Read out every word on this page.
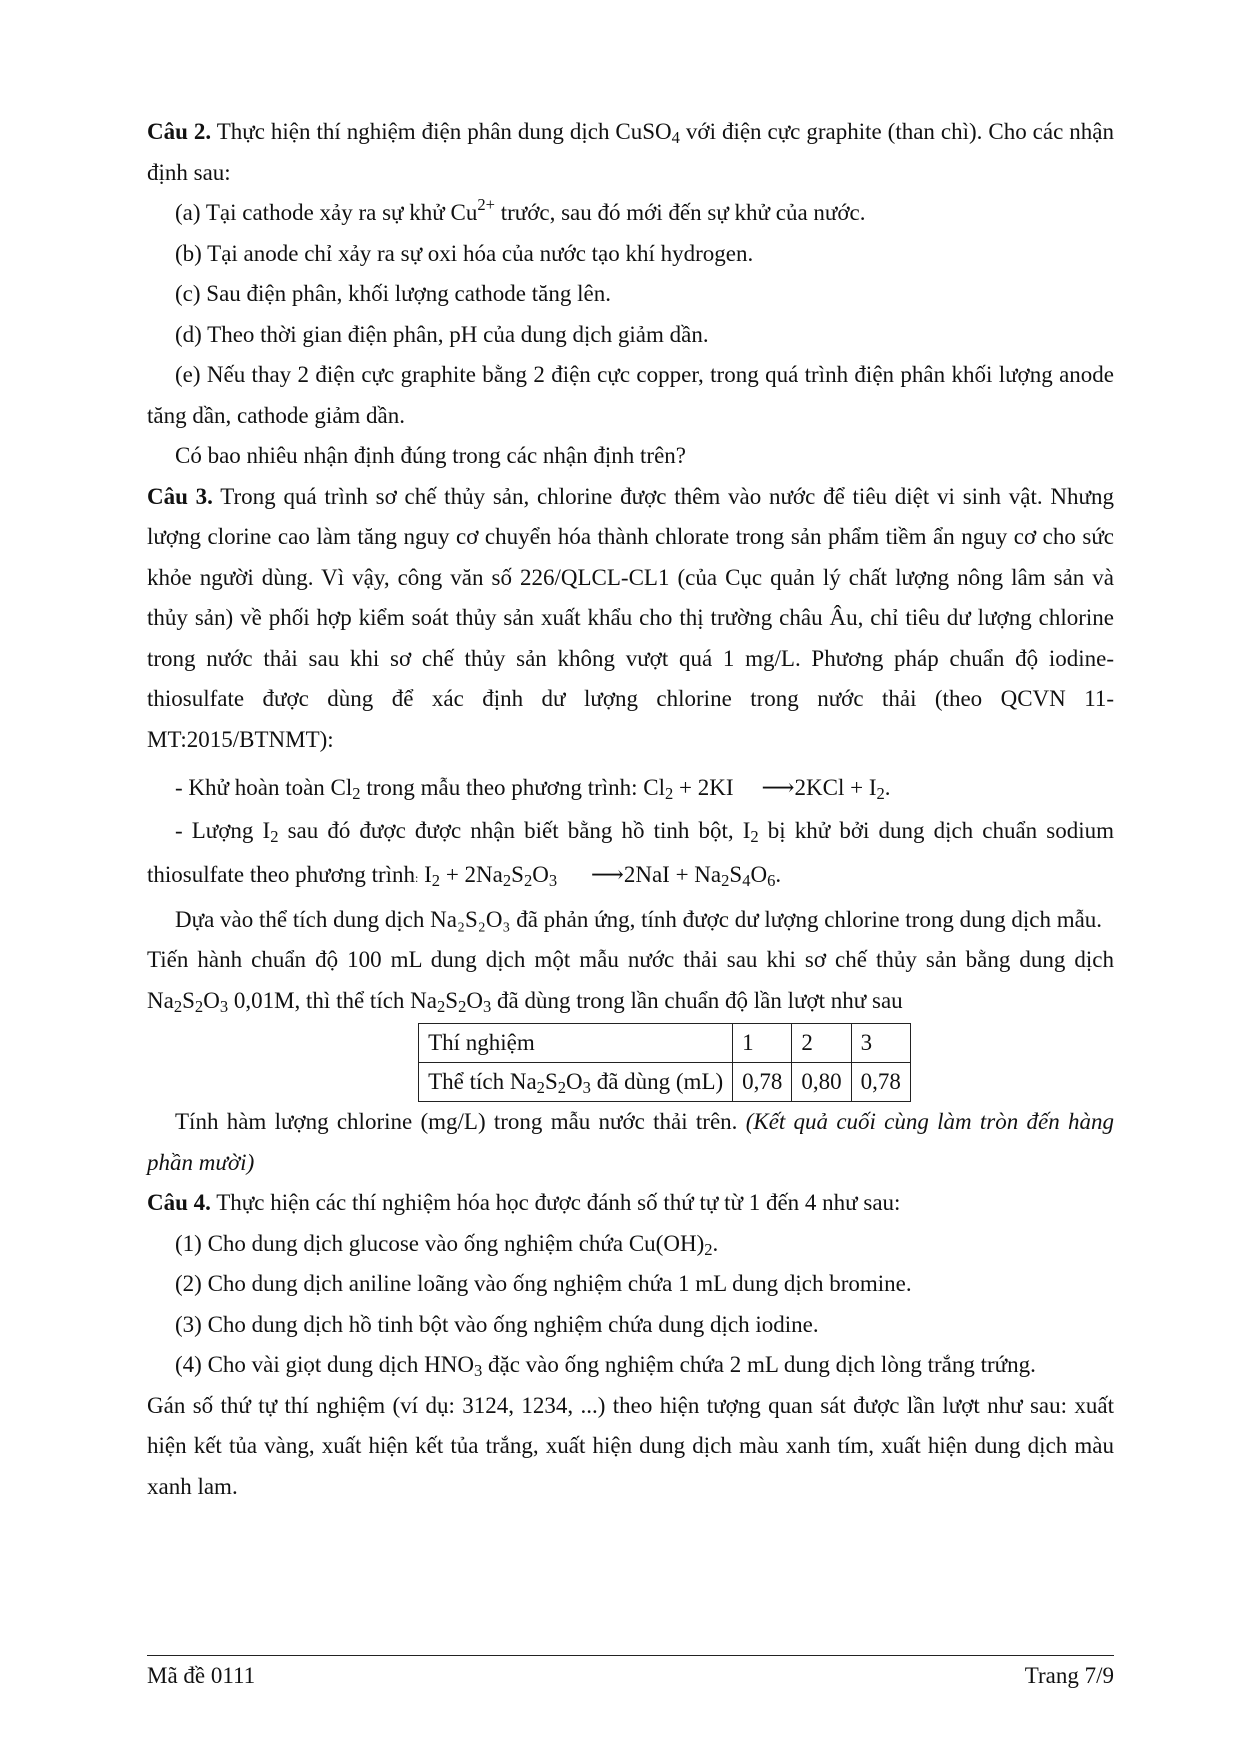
Câu 2. Thực hiện thí nghiệm điện phân dung dịch CuSO$_4$ với điện cực graphite (than chì). Cho các nhận định sau:

(a) Tại cathode xảy ra sự khử $Cu^{2+}$ trước, sau đó mới đến sự khử của nước.

(b) Tại anode chỉ xảy ra sự oxi hóa của nước tạo khí hydrogen.

(c) Sau điện phân, khối lượng cathode tăng lên.

(d) Theo thời gian điện phân, pH của dung dịch giảm dần.

(e) Nếu thay 2 điện cực graphite bằng 2 điện cực copper, trong quá trình điện phân khối lượng anode tăng dần, cathode giảm dần.

Có bao nhiêu nhận định đúng trong các nhận định trên?

Câu 3. Trong quá trình sơ chế thủy sản, chlorine được thêm vào nước để tiêu diệt vi sinh vật. Nhưng lượng clorine cao làm tăng nguy cơ chuyển hóa thành chlorate trong sản phẩm tiềm ẩn nguy cơ cho sức khỏe người dùng. Vì vậy, công văn số 226/QLCL-CL1 (của Cục quản lý chất lượng nông lâm sản và thủy sản) về phối hợp kiểm soát thủy sản xuất khẩu cho thị trường châu Âu, chỉ tiêu dư lượng chlorine trong nước thải sau khi sơ chế thủy sản không vượt quá 1 mg/L. Phương pháp chuẩn độ iodine-thiosulfate được dùng để xác định dư lượng chlorine trong nước thải (theo QCVN 11-MT:2015/BTNMT):

- Khử hoàn toàn $Cl_2$ trong mẫu theo phương trình: $Cl_2 + 2KI$ ⟶2KCl + $I_2$.

- Lượng $I_2$ sau đó được được nhận biết bằng hồ tinh bột, $I_2$ bị khử bởi dung dịch chuẩn sodium thiosulfate theo phương trình: $I_2 + 2Na_2S_2O_3$ ⟶2NaI + $Na_2S_4O_6$.

Dựa vào thể tích dung dịch Na₂S₂O₃ đã phản ứng, tính được dư lượng chlorine trong dung dịch mẫu.

Tiến hành chuẩn độ 100 mL dung dịch một mẫu nước thải sau khi sơ chế thủy sản bằng dung dịch $Na_2S_2O_3$ 0,01M, thì thể tích $Na_2S_2O_3$ đã dùng trong lần chuẩn độ lần lượt như sau

Thí nghiệm	1	2	3
Thể tích $Na_2S_2O_3$ đã dùng (mL)	0,78	0,80	0,78

Tính hàm lượng chlorine (mg/L) trong mẫu nước thải trên. (Kết quả cuối cùng làm tròn đến hàng phần mười)

Câu 4. Thực hiện các thí nghiệm hóa học được đánh số thứ tự từ 1 đến 4 như sau:

(1) Cho dung dịch glucose vào ống nghiệm chứa $Cu(OH)_2$.

(2) Cho dung dịch aniline loãng vào ống nghiệm chứa 1 mL dung dịch bromine.

(3) Cho dung dịch hồ tinh bột vào ống nghiệm chứa dung dịch iodine.

(4) Cho vài giọt dung dịch $HNO_3$ đặc vào ống nghiệm chứa 2 mL dung dịch lòng trắng trứng.

Gán số thứ tự thí nghiệm (ví dụ: 3124, 1234, ...) theo hiện tượng quan sát được lần lượt như sau: xuất hiện kết tủa vàng, xuất hiện kết tủa trắng, xuất hiện dung dịch màu xanh tím, xuất hiện dung dịch màu xanh lam.

Mã đề 0111	Trang 7/9
